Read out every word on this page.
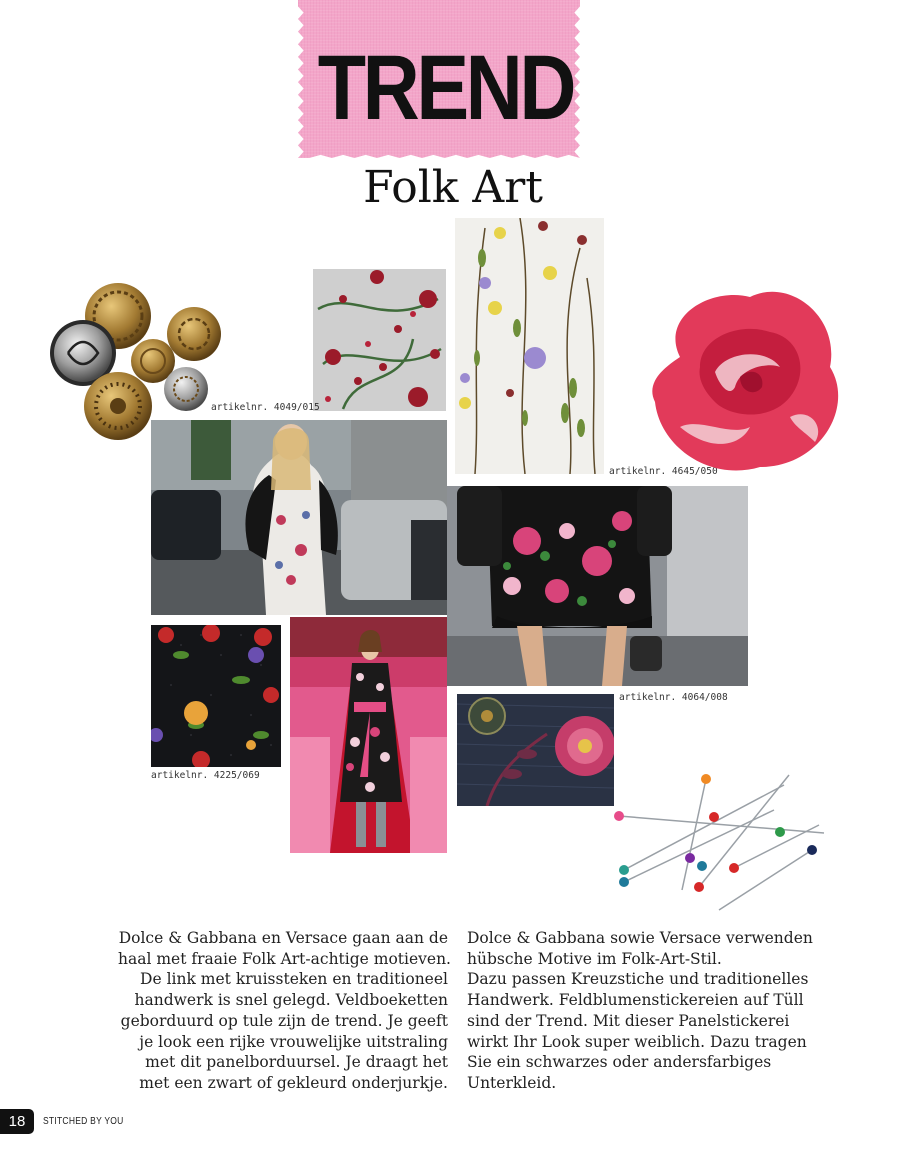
TREND
Folk Art
artikelnr. 4049/015
artikelnr. 4645/050
artikelnr. 4064/008
artikelnr. 4225/069
Dolce & Gabbana en Versace gaan aan de
haal met fraaie Folk Art-achtige motieven.
De link met kruissteken en traditioneel
handwerk is snel gelegd. Veldboeketten
geborduurd op tule zijn de trend. Je geeft
je look een rijke vrouwelijke uitstraling
met dit panelborduursel. Je draagt het
met een zwart of gekleurd onderjurkje.
Dolce & Gabbana sowie Versace verwenden
hübsche Motive im Folk-Art-Stil.
Dazu passen Kreuzstiche und traditionelles
Handwerk. Feldblumenstickereien auf Tüll
sind der Trend. Mit dieser Panelstickerei
wirkt Ihr Look super weiblich. Dazu tragen
Sie ein schwarzes oder andersfarbiges
Unterkleid.
18	STITCHED BY YOU
